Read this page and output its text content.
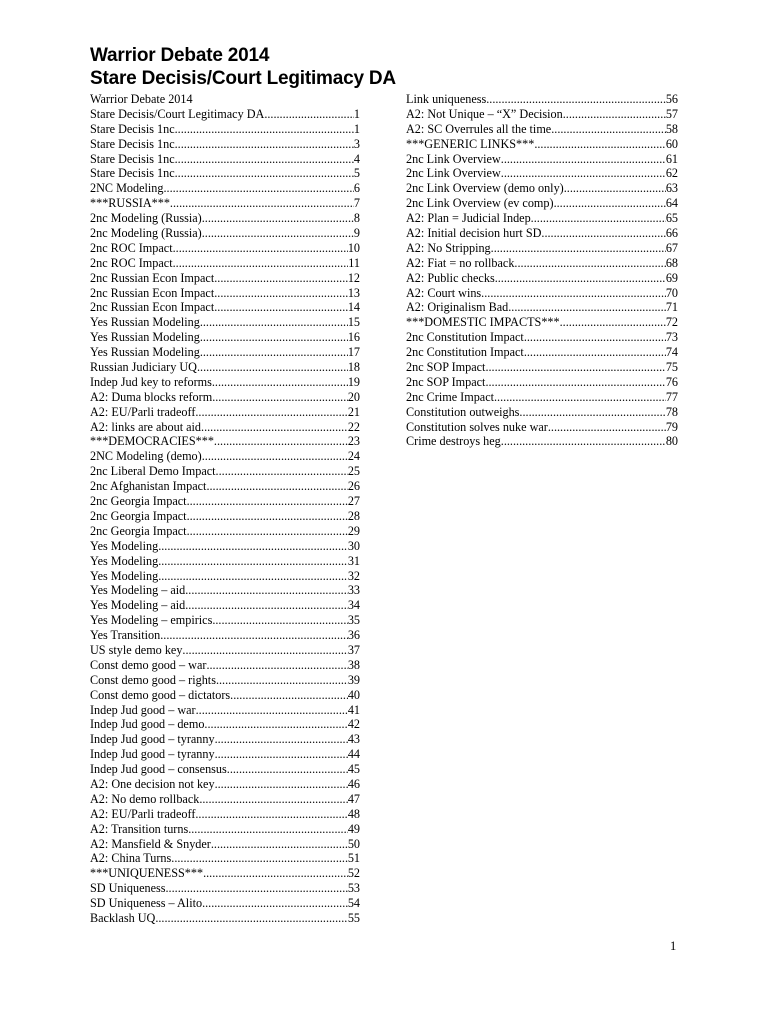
Warrior Debate 2014
Stare Decisis/Court Legitimacy DA
Warrior Debate 2014
Stare Decisis/Court Legitimacy DA .....	1
Stare Decisis 1nc .....	1
Stare Decisis 1nc .....	3
Stare Decisis 1nc .....	4
Stare Decisis 1nc .....	5
2NC Modeling .....	6
***RUSSIA*** .....	7
2nc Modeling (Russia) .....	8
2nc Modeling (Russia) .....	9
2nc ROC Impact .....	10
2nc ROC Impact .....	11
2nc Russian Econ Impact .....	12
2nc Russian Econ Impact .....	13
2nc Russian Econ Impact .....	14
Yes Russian Modeling .....	15
Yes Russian Modeling .....	16
Yes Russian Modeling .....	17
Russian Judiciary UQ .....	18
Indep Jud key to reforms .....	19
A2: Duma blocks reform .....	20
A2: EU/Parli tradeoff .....	21
A2: links are about aid .....	22
***DEMOCRACIES*** .....	23
2NC Modeling (demo) .....	24
2nc Liberal Demo Impact .....	25
2nc Afghanistan Impact .....	26
2nc Georgia Impact .....	27
2nc Georgia Impact .....	28
2nc Georgia Impact .....	29
Yes Modeling .....	30
Yes Modeling .....	31
Yes Modeling .....	32
Yes Modeling – aid .....	33
Yes Modeling – aid .....	34
Yes Modeling – empirics .....	35
Yes Transition .....	36
US style demo key .....	37
Const demo good – war .....	38
Const demo good – rights .....	39
Const demo good – dictators .....	40
Indep Jud good – war .....	41
Indep Jud good – demo .....	42
Indep Jud good – tyranny .....	43
Indep Jud good – tyranny .....	44
Indep Jud good – consensus .....	45
A2: One decision not key .....	46
A2: No demo rollback .....	47
A2: EU/Parli tradeoff .....	48
A2: Transition turns .....	49
A2: Mansfield & Snyder .....	50
A2: China Turns .....	51
***UNIQUENESS*** .....	52
SD Uniqueness .....	53
SD Uniqueness – Alito .....	54
Backlash UQ .....	55
Link uniqueness .....	56
A2: Not Unique – “X” Decision .....	57
A2: SC Overrules all the time .....	58
***GENERIC LINKS*** .....	60
2nc Link Overview .....	61
2nc Link Overview .....	62
2nc Link Overview (demo only) .....	63
2nc Link Overview (ev comp) .....	64
A2: Plan = Judicial Indep .....	65
A2: Initial decision hurt SD .....	66
A2: No Stripping .....	67
A2: Fiat = no rollback .....	68
A2: Public checks .....	69
A2: Court wins .....	70
A2: Originalism Bad .....	71
***DOMESTIC IMPACTS*** .....	72
2nc Constitution Impact .....	73
2nc Constitution Impact .....	74
2nc SOP Impact .....	75
2nc SOP Impact .....	76
2nc Crime Impact .....	77
Constitution outweighs .....	78
Constitution solves nuke war .....	79
Crime destroys heg .....	80
1
